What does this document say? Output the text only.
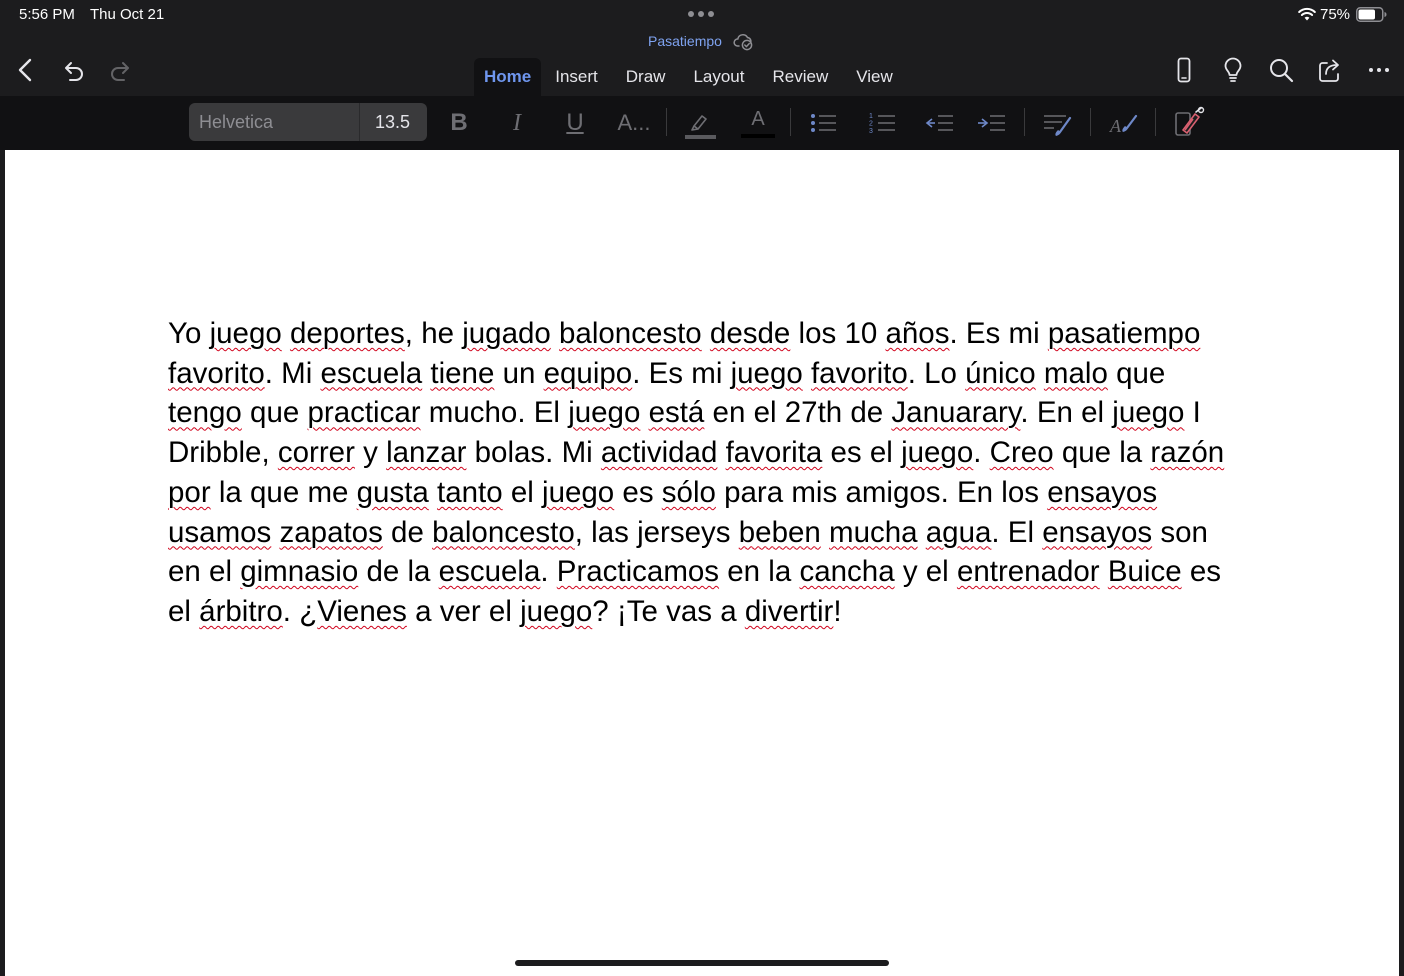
5:56 PM Thu Oct 21	75%
Pasatiempo
Home	Insert	Draw	Layout	Review	View
Helvetica	13.5 B I U A...	A	1
2
3	A

Yo juego deportes, he jugado baloncesto desde los 10 años. Es mi pasatiempo favorito. Mi escuela tiene un equipo. Es mi juego favorito. Lo único malo que tengo que practicar mucho. El juego está en el 27th de Januarary. En el juego I Dribble, correr y lanzar bolas. Mi actividad favorita es el juego. Creo que la razón por la que me gusta tanto el juego es sólo para mis amigos. En los ensayos usamos zapatos de baloncesto, las jerseys beben mucha agua. El ensayos son en el gimnasio de la escuela. Practicamos en la cancha y el entrenador Buice es el árbitro. ¿Vienes a ver el juego? ¡Te vas a divertir!
